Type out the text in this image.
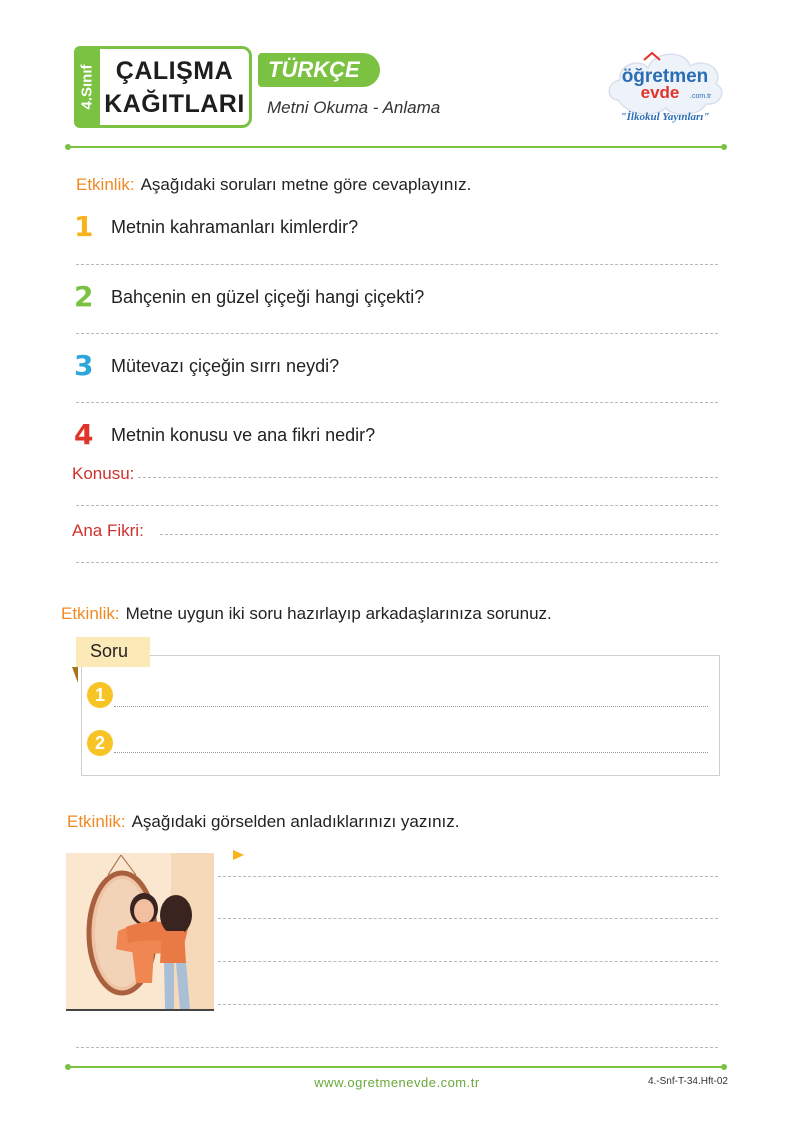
4.Sınıf ÇALIŞMA
KAĞITLARI
TÜRKÇE
Metni Okuma - Anlama
öğretmen
evde .com.tr
"İlkokul Yayınları"
Etkinlik: Aşağıdaki soruları metne göre cevaplayınız.
1 Metnin kahramanları kimlerdir?
2 Bahçenin en güzel çiçeği hangi çiçekti?
3 Mütevazı çiçeğin sırrı neydi?
4 Metnin konusu ve ana fikri nedir?
Konusu:
Ana Fikri:
Etkinlik: Metne uygun iki soru hazırlayıp arkadaşlarınıza sorunuz.
Soru
1
2
Etkinlik: Aşağıdaki görselden anladıklarınızı yazınız.
www.ogretmenevde.com.tr	4.-Snf-T-34.Hft-02
